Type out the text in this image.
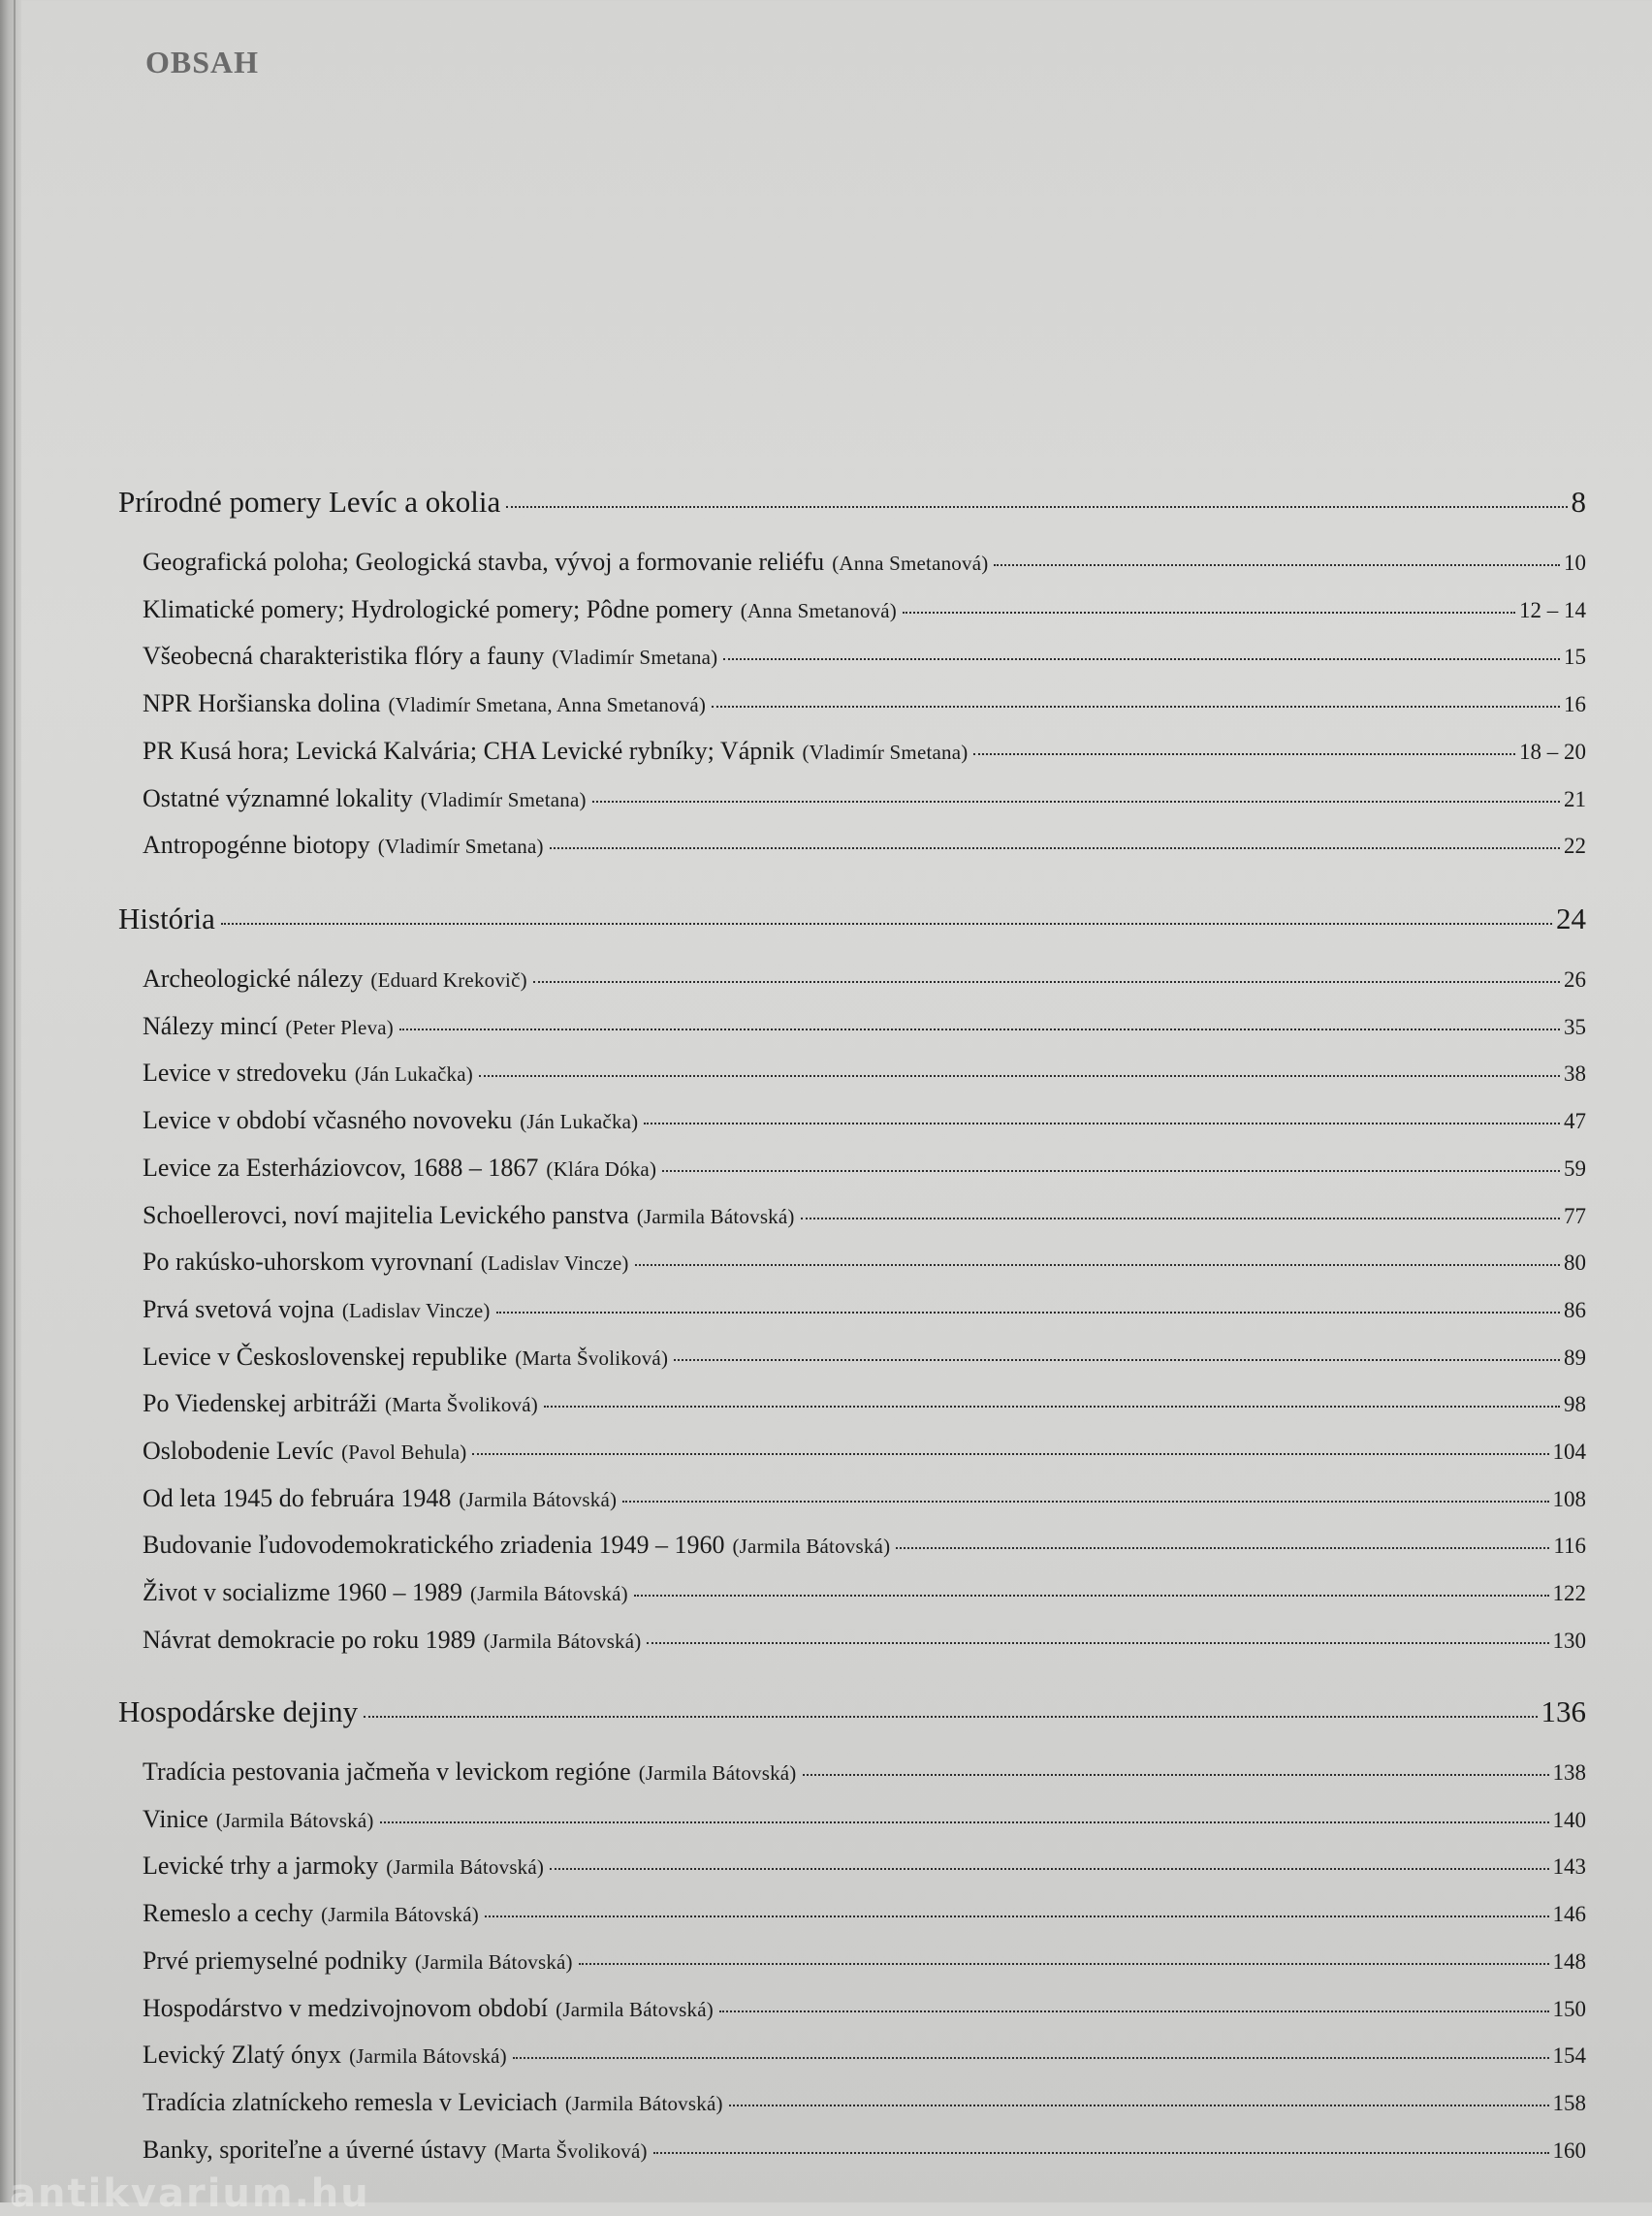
OBSAH
Prírodné pomery Levíc a okolia	8
Geografická poloha; Geologická stavba, vývoj a formovanie reliéfu (Anna Smetanová)	10
Klimatické pomery; Hydrologické pomery; Pôdne pomery (Anna Smetanová)	12 – 14
Všeobecná charakteristika flóry a fauny (Vladimír Smetana)	15
NPR Horšianska dolina (Vladimír Smetana, Anna Smetanová)	16
PR Kusá hora; Levická Kalvária; CHA Levické rybníky; Vápnik (Vladimír Smetana)	18 – 20
Ostatné významné lokality (Vladimír Smetana)	21
Antropogénne biotopy (Vladimír Smetana)	22
História	24
Archeologické nálezy (Eduard Krekovič)	26
Nálezy mincí (Peter Pleva)	35
Levice v stredoveku (Ján Lukačka)	38
Levice v období včasného novoveku (Ján Lukačka)	47
Levice za Esterháziovcov, 1688 – 1867 (Klára Dóka)	59
Schoellerovci, noví majitelia Levického panstva (Jarmila Bátovská)	77
Po rakúsko-uhorskom vyrovnaní (Ladislav Vincze)	80
Prvá svetová vojna (Ladislav Vincze)	86
Levice v Československej republike (Marta Švoliková)	89
Po Viedenskej arbitráži (Marta Švoliková)	98
Oslobodenie Levíc (Pavol Behula)	104
Od leta 1945 do februára 1948 (Jarmila Bátovská)	108
Budovanie ľudovodemokratického zriadenia 1949 – 1960 (Jarmila Bátovská)	116
Život v socializme 1960 – 1989 (Jarmila Bátovská)	122
Návrat demokracie po roku 1989 (Jarmila Bátovská)	130
Hospodárske dejiny	136
Tradícia pestovania jačmeňa v levickom regióne (Jarmila Bátovská)	138
Vinice (Jarmila Bátovská)	140
Levické trhy a jarmoky (Jarmila Bátovská)	143
Remeslo a cechy (Jarmila Bátovská)	146
Prvé priemyselné podniky (Jarmila Bátovská)	148
Hospodárstvo v medzivojnovom období (Jarmila Bátovská)	150
Levický Zlatý ónyx (Jarmila Bátovská)	154
Tradícia zlatníckeho remesla v Leviciach (Jarmila Bátovská)	158
Banky, sporiteľne a úverné ústavy (Marta Švoliková)	160
antikvarium.hu
